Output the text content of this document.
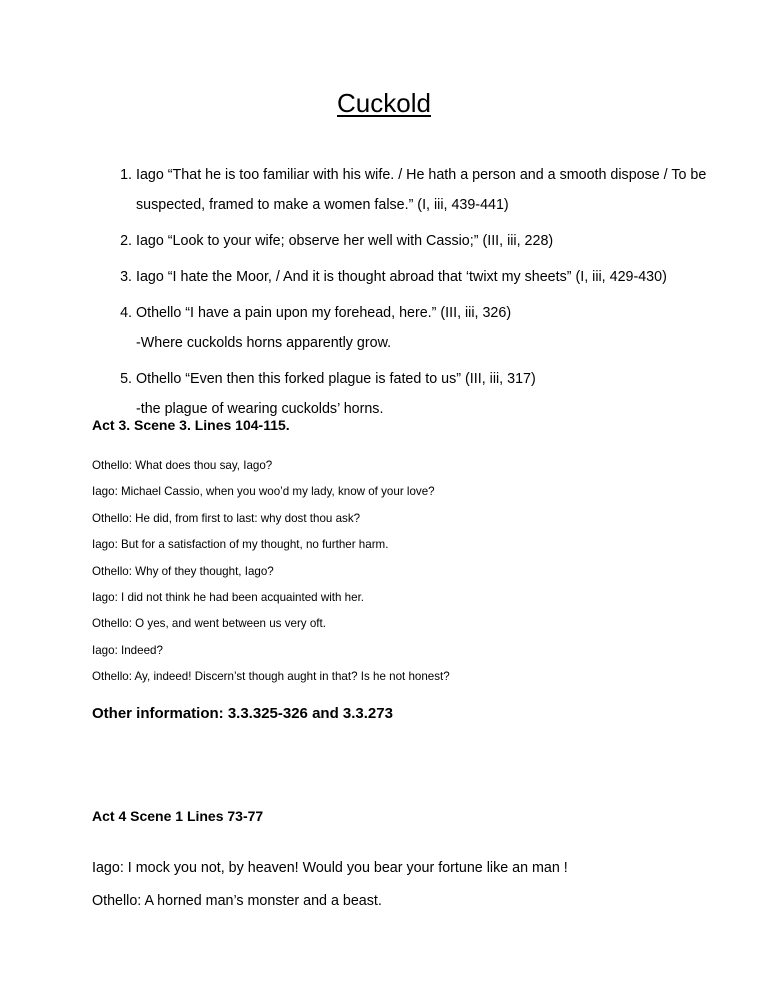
Cuckold
1. Iago “That he is too familiar with his wife. / He hath a person and a smooth dispose / To be suspected, framed to make a women false.” (I, iii, 439-441)
2. Iago “Look to your wife; observe her well with Cassio;” (III, iii, 228)
3. Iago “I hate the Moor, / And it is thought abroad that ‘twixt my sheets” (I, iii, 429-430)
4. Othello “I have a pain upon my forehead, here.” (III, iii, 326)
-Where cuckolds horns apparently grow.
5. Othello “Even then this forked plague is fated to us” (III, iii, 317)
-the plague of wearing cuckolds’ horns.
Act 3. Scene 3. Lines 104-115.
Othello: What does thou say, Iago?
Iago: Michael Cassio, when you woo’d my lady, know of your love?
Othello: He did, from first to last: why dost thou ask?
Iago: But for a satisfaction of my thought, no further harm.
Othello: Why of they thought, Iago?
Iago: I did not think he had been acquainted with her.
Othello: O yes, and went between us very oft.
Iago: Indeed?
Othello: Ay, indeed! Discern’st though aught in that? Is he not honest?
Other information: 3.3.325-326 and 3.3.273
Act 4 Scene 1 Lines 73-77
Iago: I mock you not, by heaven! Would you bear your fortune like an man !
Othello: A horned man’s monster and a beast.
